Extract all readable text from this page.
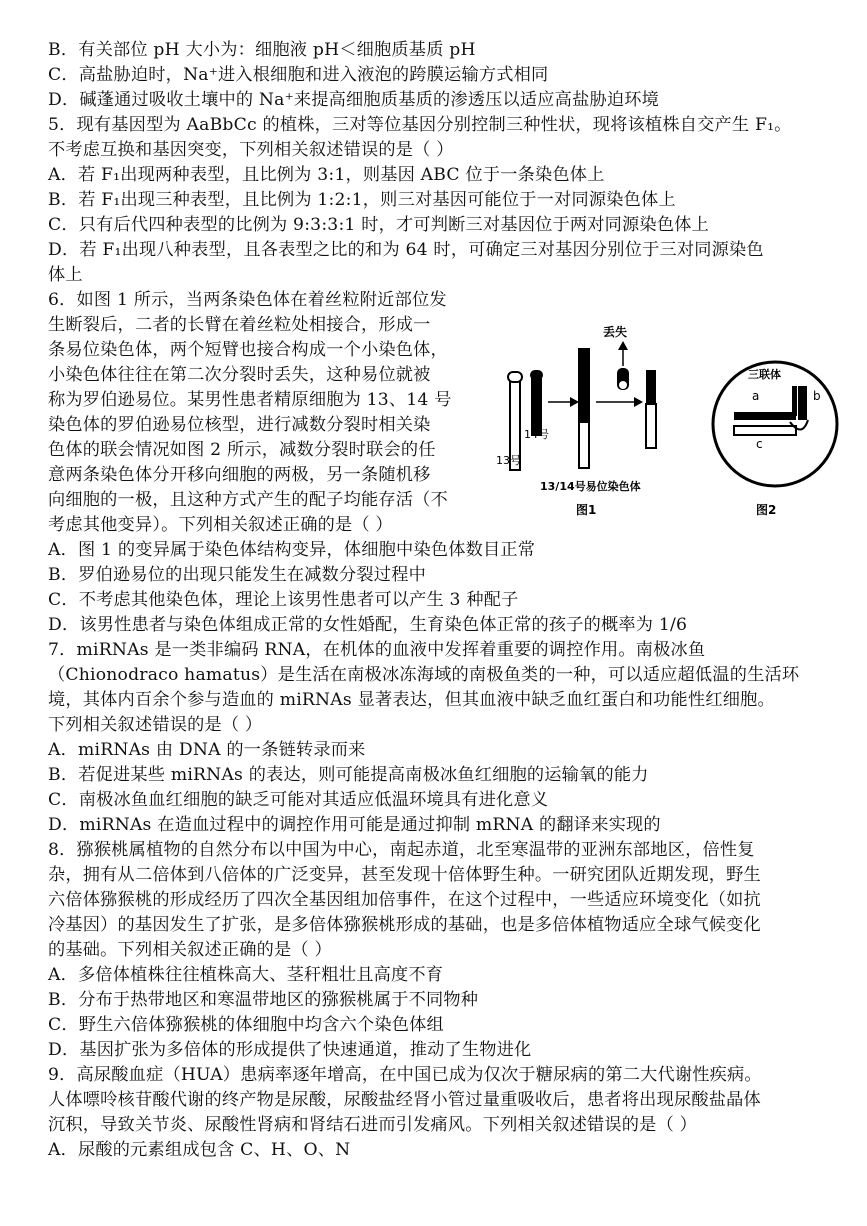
B．有关部位 pH 大小为：细胞液 pH＜细胞质基质 pH
C．高盐胁迫时，Na⁺进入根细胞和进入液泡的跨膜运输方式相同
D．碱蓬通过吸收土壤中的 Na⁺来提高细胞质基质的渗透压以适应高盐胁迫环境
5．现有基因型为 AaBbCc 的植株，三对等位基因分别控制三种性状，现将该植株自交产生 F₁。
不考虑互换和基因突变，下列相关叙述错误的是（ ）
A．若 F₁出现两种表型，且比例为 3:1，则基因 ABC 位于一条染色体上
B．若 F₁出现三种表型，且比例为 1:2:1，则三对基因可能位于一对同源染色体上
C．只有后代四种表型的比例为 9:3:3:1 时，才可判断三对基因位于两对同源染色体上
D．若 F₁出现八种表型，且各表型之比的和为 64 时，可确定三对基因分别位于三对同源染色
体上
6．如图 1 所示，当两条染色体在着丝粒附近部位发
生断裂后，二者的长臂在着丝粒处相接合，形成一
条易位染色体，两个短臂也接合构成一个小染色体，
小染色体往往在第二次分裂时丢失，这种易位就被
称为罗伯逊易位。某男性患者精原细胞为 13、14 号
染色体的罗伯逊易位核型，进行减数分裂时相关染
色体的联会情况如图 2 所示，减数分裂时联会的任
意两条染色体分开移向细胞的两极，另一条随机移
向细胞的一极，且这种方式产生的配子均能存活（不
考虑其他变异）。下列相关叙述正确的是（ ）
A．图 1 的变异属于染色体结构变异，体细胞中染色体数目正常
B．罗伯逊易位的出现只能发生在减数分裂过程中
C．不考虑其他染色体，理论上该男性患者可以产生 3 种配子
D．该男性患者与染色体组成正常的女性婚配，生育染色体正常的孩子的概率为 1/6
7．miRNAs 是一类非编码 RNA，在机体的血液中发挥着重要的调控作用。南极冰鱼
（Chionodraco hamatus）是生活在南极冰冻海域的南极鱼类的一种，可以适应超低温的生活环
境，其体内百余个参与造血的 miRNAs 显著表达，但其血液中缺乏血红蛋白和功能性红细胞。
下列相关叙述错误的是（ ）
A．miRNAs 由 DNA 的一条链转录而来
B．若促进某些 miRNAs 的表达，则可能提高南极冰鱼红细胞的运输氧的能力
C．南极冰鱼血红细胞的缺乏可能对其适应低温环境具有进化意义
D．miRNAs 在造血过程中的调控作用可能是通过抑制 mRNA 的翻译来实现的
8．猕猴桃属植物的自然分布以中国为中心，南起赤道，北至寒温带的亚洲东部地区，倍性复
杂，拥有从二倍体到八倍体的广泛变异，甚至发现十倍体野生种。一研究团队近期发现，野生
六倍体猕猴桃的形成经历了四次全基因组加倍事件，在这个过程中，一些适应环境变化（如抗
冷基因）的基因发生了扩张，是多倍体猕猴桃形成的基础，也是多倍体植物适应全球气候变化
的基础。下列相关叙述正确的是（ ）
A．多倍体植株往往植株高大、茎秆粗壮且高度不育
B．分布于热带地区和寒温带地区的猕猴桃属于不同物种
C．野生六倍体猕猴桃的体细胞中均含六个染色体组
D．基因扩张为多倍体的形成提供了快速通道，推动了生物进化
9．高尿酸血症（HUA）患病率逐年增高，在中国已成为仅次于糖尿病的第二大代谢性疾病。
人体嘌呤核苷酸代谢的终产物是尿酸，尿酸盐经肾小管过量重吸收后，患者将出现尿酸盐晶体
沉积，导致关节炎、尿酸性肾病和肾结石进而引发痛风。下列相关叙述错误的是（ ）
A．尿酸的元素组成包含 C、H、O、N
14号
13号
13/14号易位染色体
丢失
图1
三联体
a	b
c
图2
